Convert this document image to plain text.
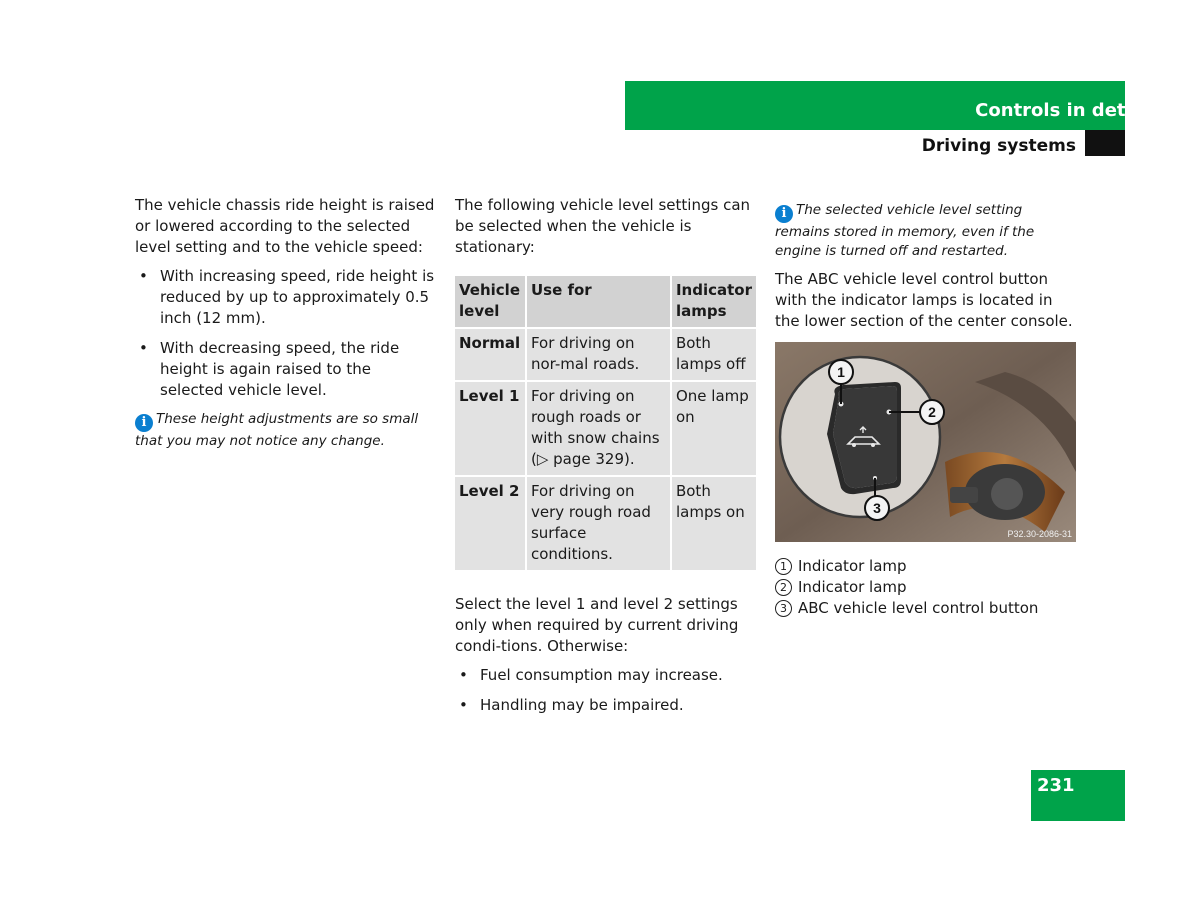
Controls in detail
Driving systems

The vehicle chassis ride height is raised or lowered according to the selected level setting and to the vehicle speed:

• With increasing speed, ride height is reduced by up to approximately 0.5 inch (12 mm).
• With decreasing speed, the ride height is again raised to the selected vehicle level.
i These height adjustments are so small that you may not notice any change.

The following vehicle level settings can be selected when the vehicle is stationary:

Vehicle level	Use for	Indicator lamps
Normal	For driving on nor-mal roads.	Both lamps off
Level 1	For driving on rough roads or with snow chains (▷ page 329).	One lamp on
Level 2	For driving on very rough road surface conditions.	Both lamps on

Select the level 1 and level 2 settings only when required by current driving condi-tions. Otherwise:

• Fuel consumption may increase.
• Handling may be impaired.
i The selected vehicle level setting remains stored in memory, even if the engine is turned off and restarted.

The ABC vehicle level control button with the indicator lamps is located in the lower section of the center console.

1
2
3
P32.30-2086-31

1 Indicator lamp

2 Indicator lamp

3 ABC vehicle level control button

231
